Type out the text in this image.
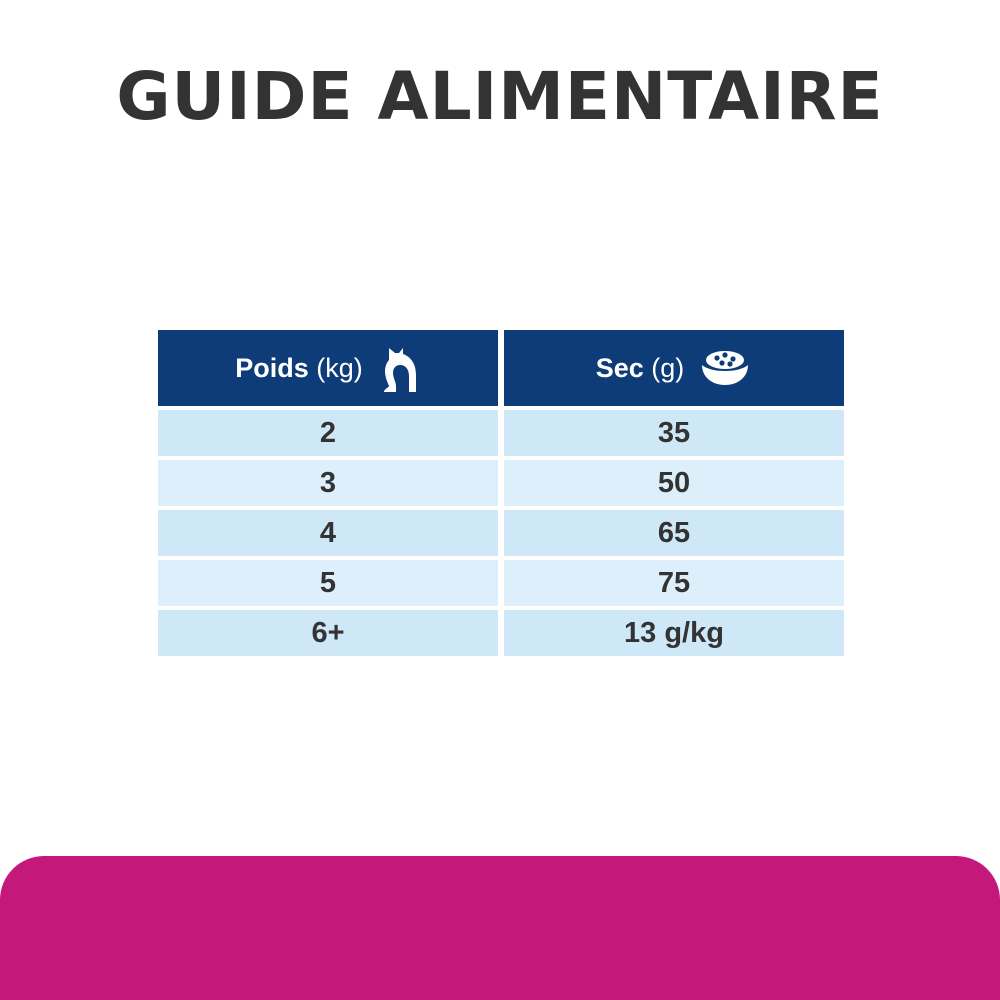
GUIDE ALIMENTAIRE
Poids (kg)	Sec (g)
2	35
3	50
4	65
5	75
6+	13 g/kg
